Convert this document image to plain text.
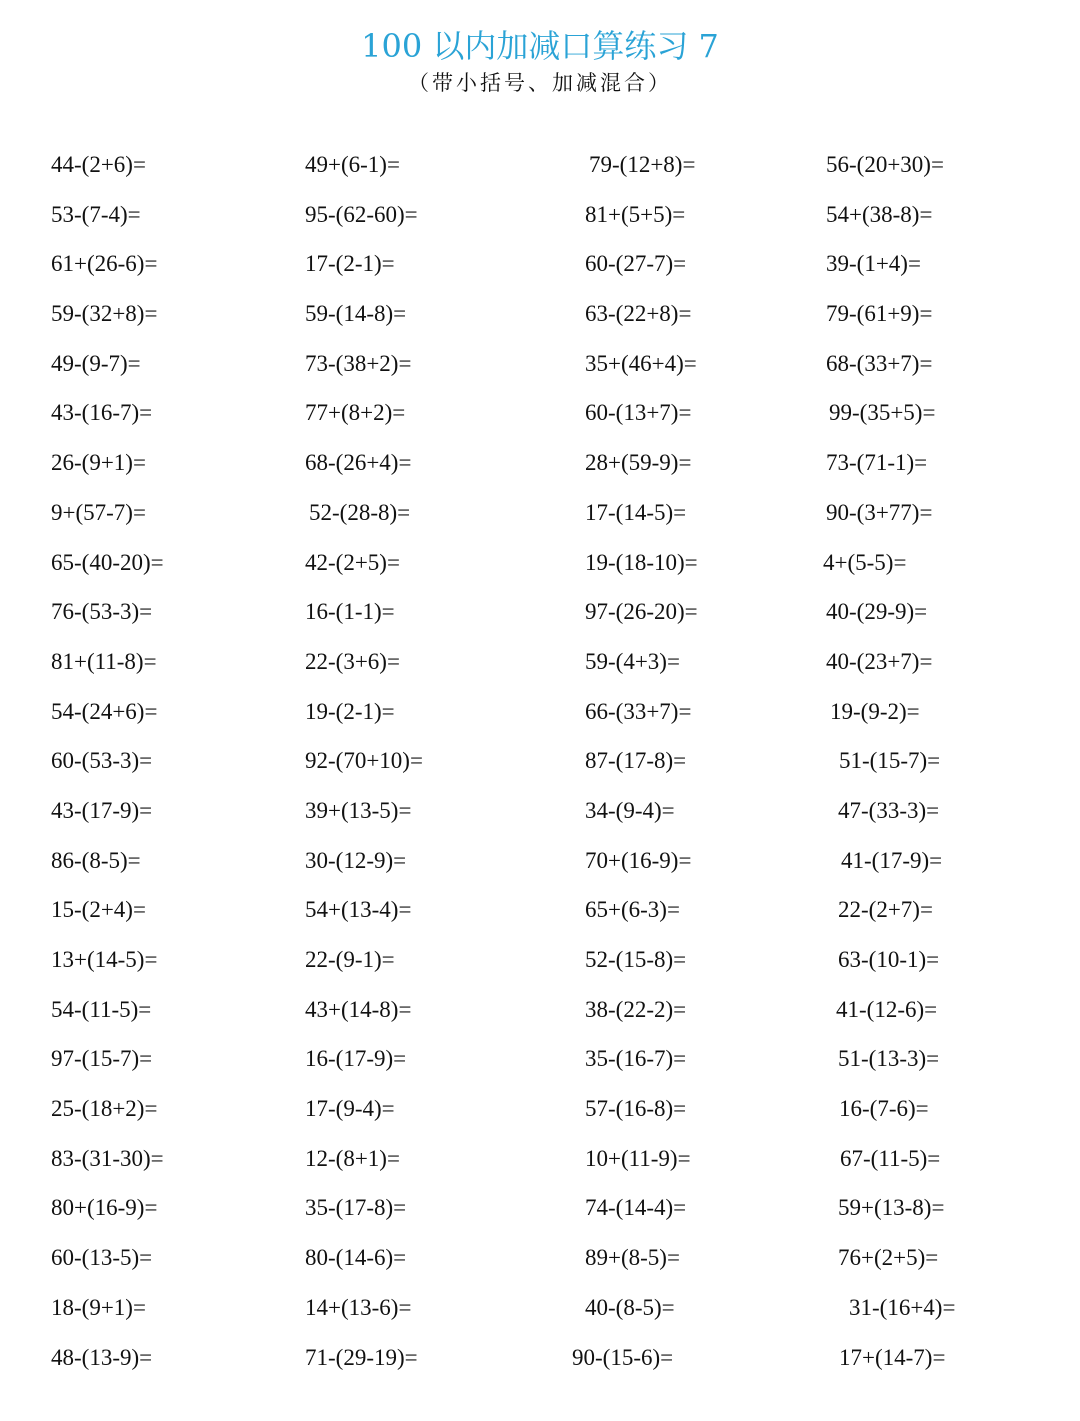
100 以内加减口算练习 7
（带小括号、加减混合）
44-(2+6)=	49+(6-1)=	79-(12+8)=	56-(20+30)=
53-(7-4)=	95-(62-60)=	81+(5+5)=	54+(38-8)=
61+(26-6)=	17-(2-1)=	60-(27-7)=	39-(1+4)=
59-(32+8)=	59-(14-8)=	63-(22+8)=	79-(61+9)=
49-(9-7)=	73-(38+2)=	35+(46+4)=	68-(33+7)=
43-(16-7)=	77+(8+2)=	60-(13+7)=	99-(35+5)=
26-(9+1)=	68-(26+4)=	28+(59-9)=	73-(71-1)=
9+(57-7)=	52-(28-8)=	17-(14-5)=	90-(3+77)=
65-(40-20)=	42-(2+5)=	19-(18-10)=	4+(5-5)=
76-(53-3)=	16-(1-1)=	97-(26-20)=	40-(29-9)=
81+(11-8)=	22-(3+6)=	59-(4+3)=	40-(23+7)=
54-(24+6)=	19-(2-1)=	66-(33+7)=	19-(9-2)=
60-(53-3)=	92-(70+10)=	87-(17-8)=	51-(15-7)=
43-(17-9)=	39+(13-5)=	34-(9-4)=	47-(33-3)=
86-(8-5)=	30-(12-9)=	70+(16-9)=	41-(17-9)=
15-(2+4)=	54+(13-4)=	65+(6-3)=	22-(2+7)=
13+(14-5)=	22-(9-1)=	52-(15-8)=	63-(10-1)=
54-(11-5)=	43+(14-8)=	38-(22-2)=	41-(12-6)=
97-(15-7)=	16-(17-9)=	35-(16-7)=	51-(13-3)=
25-(18+2)=	17-(9-4)=	57-(16-8)=	16-(7-6)=
83-(31-30)=	12-(8+1)=	10+(11-9)=	67-(11-5)=
80+(16-9)=	35-(17-8)=	74-(14-4)=	59+(13-8)=
60-(13-5)=	80-(14-6)=	89+(8-5)=	76+(2+5)=
18-(9+1)=	14+(13-6)=	40-(8-5)=	31-(16+4)=
48-(13-9)=	71-(29-19)=	90-(15-6)=	17+(14-7)=
